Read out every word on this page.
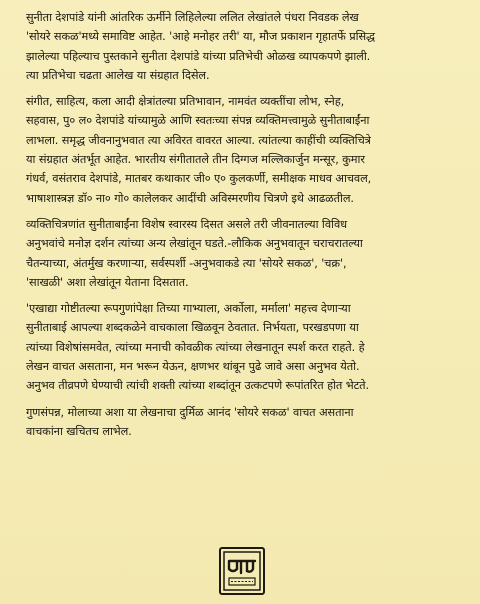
सुनीता देशपांडे यांनी आंतरिक ऊर्मीने लिहिलेल्या ललित लेखांतले पंधरा निवडक लेख
'सोयरे सकळ'मध्ये समाविष्ट आहेत. 'आहे मनोहर तरी' या, मौज प्रकाशन गृहातर्फे प्रसिद्ध
झालेल्या पहिल्याच पुस्तकाने सुनीता देशपांडे यांच्या प्रतिभेची ओळख व्यापकपणे झाली.
त्या प्रतिभेचा चढता आलेख या संग्रहात दिसेल.

संगीत, साहित्य, कला आदी क्षेत्रांतल्या प्रतिभावान, नामवंत व्यक्तींचा लोभ, स्नेह,
सहवास, पु० ल० देशपांडे यांच्यामुळे आणि स्वतःच्या संपन्न व्यक्तिमत्त्वामुळे सुनीताबाईंना
लाभला. समृद्ध जीवनानुभवात त्या अविरत वावरत आल्या. त्यांतल्या काहींची व्यक्तिचित्रे
या संग्रहात अंतर्भूत आहेत. भारतीय संगीतातले तीन दिग्गज मल्लिकार्जुन मन्सूर, कुमार
गंधर्व, वसंतराव देशपांडे, मातबर कथाकार जी० ए० कुलकर्णी, समीक्षक माधव आचवल,
भाषाशास्त्रज्ञ डॉ० ना० गो० कालेलकर आदींची अविस्मरणीय चित्रणे इथे आढळतील.

व्यक्तिचित्रणांत सुनीताबाईंना विशेष स्वारस्य दिसत असले तरी जीवनातल्या विविध
अनुभवांचे मनोज्ञ दर्शन त्यांच्या अन्य लेखांतून घडते.-लौकिक अनुभवातून चराचरातल्या
चैतन्याच्या, अंतर्मुख करणाऱ्या, सर्वस्पर्शी -अनुभवाकडे त्या 'सोयरे सकळ', 'चक्र',
'साखळी' अशा लेखांतून येताना दिसतात.

'एखाद्या गोष्टीतल्या रूपगुणांपेक्षा तिच्या गाभ्याला, अर्कोला, मर्माला' महत्त्व देणाऱ्या
सुनीताबाई आपल्या शब्दकळेने वाचकाला खिळवून ठेवतात. निर्भयता, परखडपणा या
त्यांच्या विशेषांसमवेत, त्यांच्या मनाची कोवळीक त्यांच्या लेखनातून स्पर्श करत राहते. हे
लेखन वाचत असताना, मन भरून येऊन, क्षणभर थांबून पुढे जावे असा अनुभव येतो.
अनुभव तीव्रपणे घेण्याची त्यांची शक्ती त्यांच्या शब्दांतून उत्कटपणे रूपांतरित होत भेटते.

गुणसंपन्न, मोलाच्या अशा या लेखनाचा दुर्मिळ आनंद 'सोयरे सकळ' वाचत असताना
वाचकांना खचितच लाभेल.
